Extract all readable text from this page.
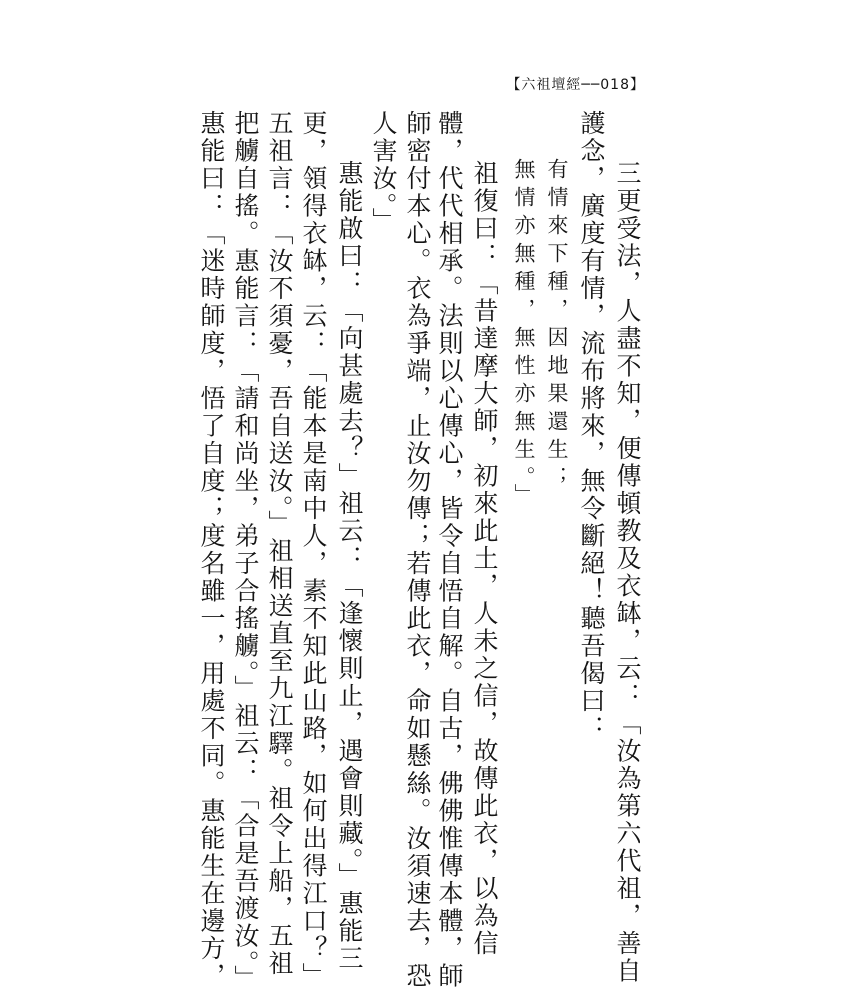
【六祖壇經──018】
三更受法，人盡不知，便傳頓教及衣缽，云：「汝為第六代祖，善自
護念，廣度有情，流布將來，無令斷絕！聽吾偈曰：
有情來下種，因地果還生；
無情亦無種，無性亦無生。」
祖復曰：「昔達摩大師，初來此土，人未之信，故傳此衣，以為信
體，代代相承。法則以心傳心，皆令自悟自解。自古，佛佛惟傳本體，師
師密付本心。衣為爭端，止汝勿傳；若傳此衣，命如懸絲。汝須速去，恐
人害汝。」
惠能啟曰：「向甚處去？」祖云：「逢懷則止，遇會則藏。」惠能三
更，領得衣缽，云：「能本是南中人，素不知此山路，如何出得江口？」
五祖言：「汝不須憂，吾自送汝。」祖相送直至九江驛。祖令上船，五祖
把艣自搖。惠能言：「請和尚坐，弟子合搖艣。」祖云：「合是吾渡汝。」
惠能曰：「迷時師度，悟了自度；度名雖一，用處不同。惠能生在邊方，
